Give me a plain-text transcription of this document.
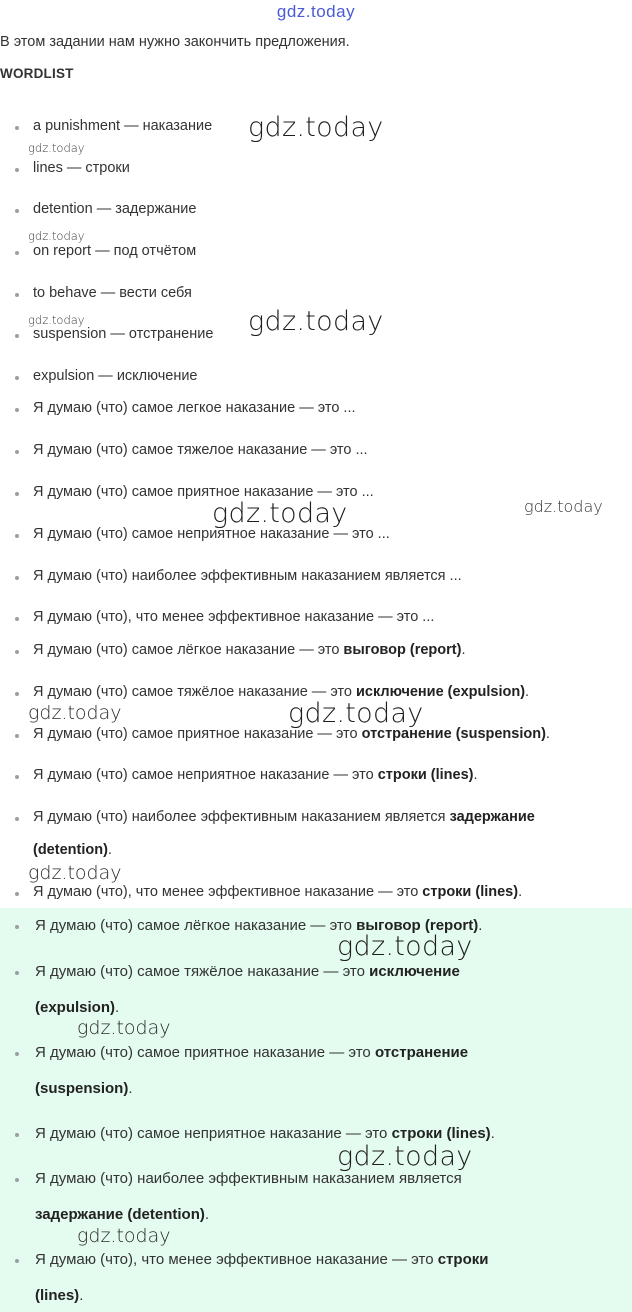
gdz.today
В этом задании нам нужно закончить предложения.
WORDLIST
a punishment — наказание
lines — строки
detention — задержание
on report — под отчётом
to behave — вести себя
suspension — отстранение
expulsion — исключение
Я думаю (что) самое легкое наказание — это ...
Я думаю (что) самое тяжелое наказание — это ...
Я думаю (что) самое приятное наказание — это ...
Я думаю (что) самое неприятное наказание — это ...
Я думаю (что) наиболее эффективным наказанием является ...
Я думаю (что), что менее эффективное наказание — это ...
Я думаю (что) самое лёгкое наказание — это выговор (report).
Я думаю (что) самое тяжёлое наказание — это исключение (expulsion).
Я думаю (что) самое приятное наказание — это отстранение (suspension).
Я думаю (что) самое неприятное наказание — это строки (lines).
Я думаю (что) наиболее эффективным наказанием является задержание
Я думаю (что), что менее эффективное наказание — это строки (lines).
(detention).
Я думаю (что) самое лёгкое наказание — это выговор (report).
Я думаю (что) самое тяжёлое наказание — это исключение
Я думаю (что) самое приятное наказание — это отстранение
Я думаю (что) самое неприятное наказание — это строки (lines).
Я думаю (что) наиболее эффективным наказанием является
Я думаю (что), что менее эффективное наказание — это строки
(expulsion).
(suspension).
задержание (detention).
(lines).
gdz.today
gdz.today
gdz.today
gdz.today	gdz.today
gdz.today	gdz.today
gdz.today	gdz.today
gdz.today
gdz.today
gdz.today
gdz.today
gdz.today
